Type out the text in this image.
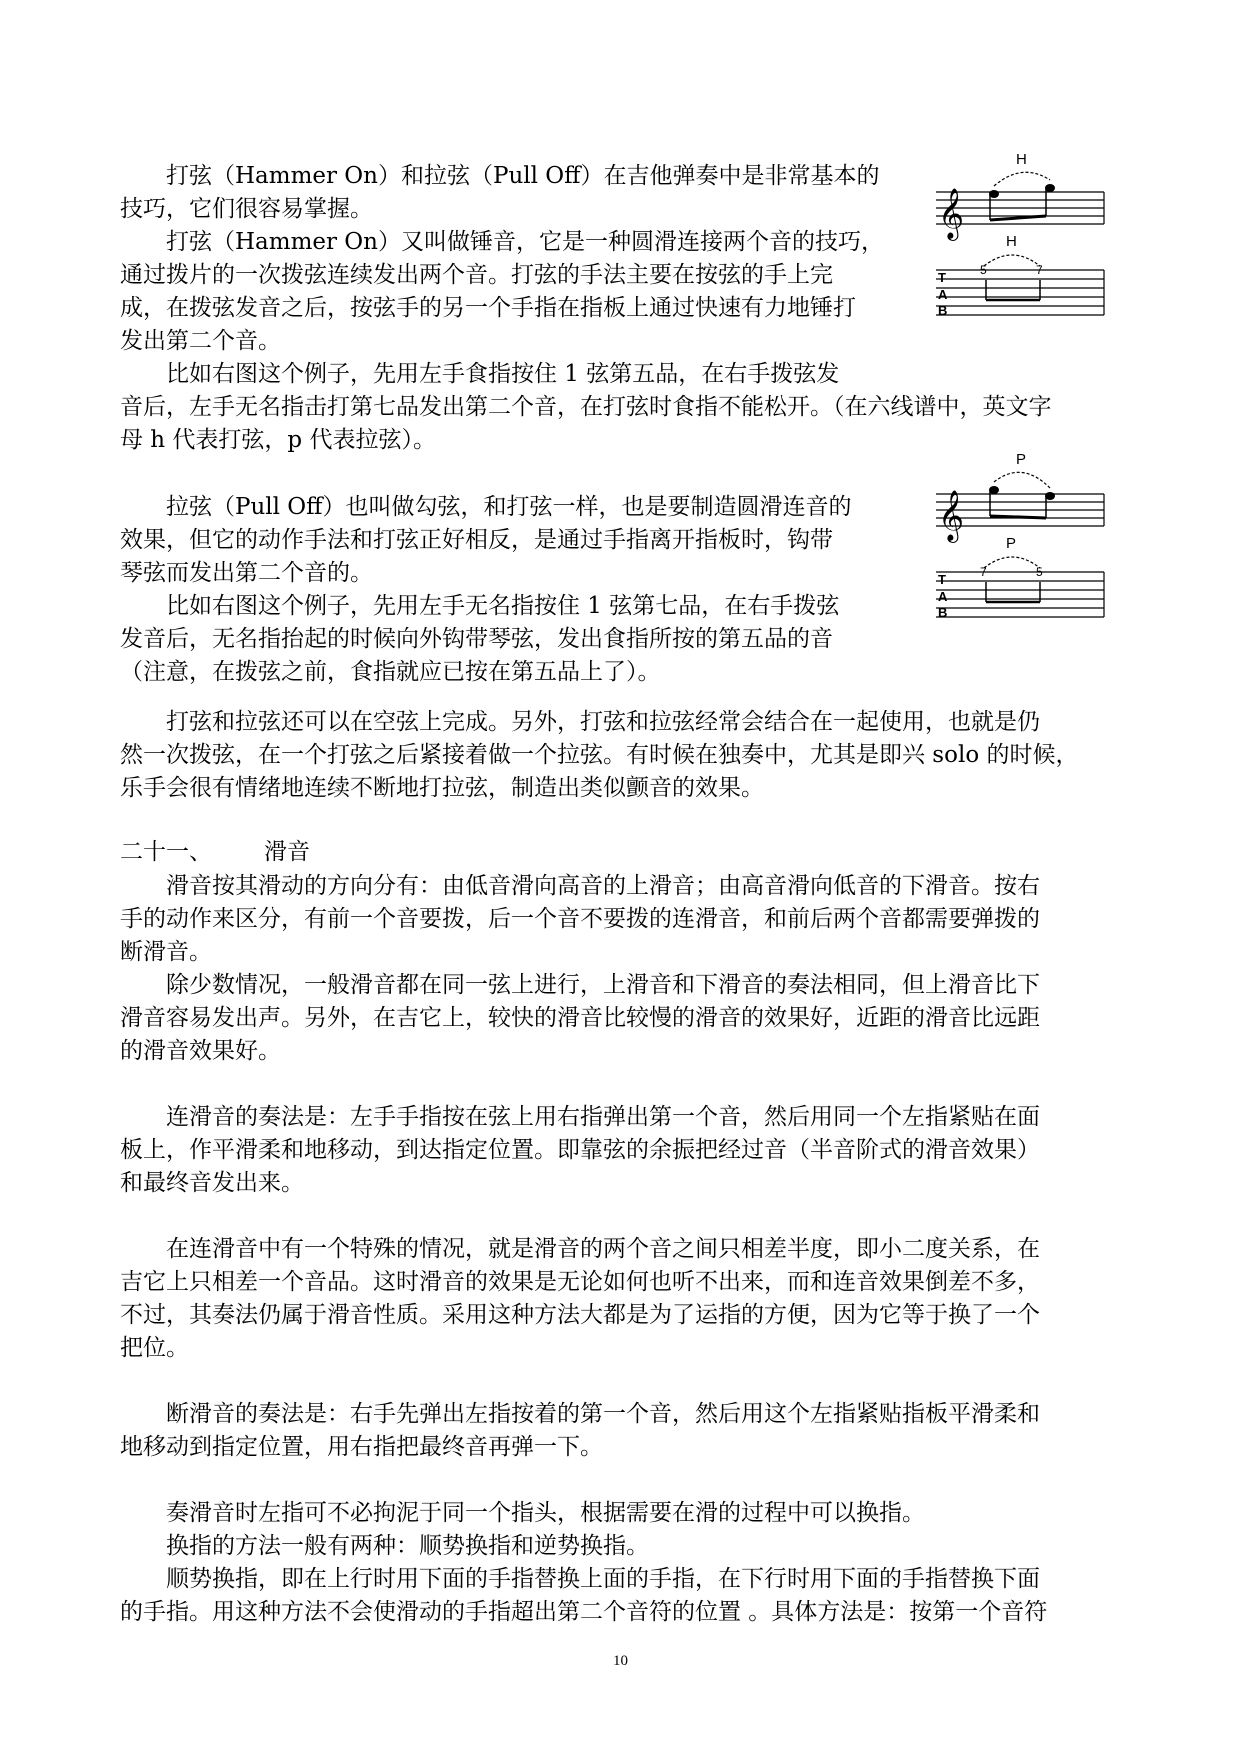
　　打弦（Hammer On）和拉弦（Pull Off）在吉他弹奏中是非常基本的
技巧，它们很容易掌握。
　　打弦（Hammer On）又叫做锤音，它是一种圆滑连接两个音的技巧，
通过拨片的一次拨弦连续发出两个音。打弦的手法主要在按弦的手上完
成，在拨弦发音之后，按弦手的另一个手指在指板上通过快速有力地锤打
发出第二个音。
　　比如右图这个例子，先用左手食指按住 1 弦第五品，在右手拨弦发
音后，左手无名指击打第七品发出第二个音，在打弦时食指不能松开。（在六线谱中，英文字
母 h 代表打弦，p 代表拉弦）。
　　拉弦（Pull Off）也叫做勾弦，和打弦一样，也是要制造圆滑连音的
效果，但它的动作手法和打弦正好相反，是通过手指离开指板时，钩带
琴弦而发出第二个音的。
　　比如右图这个例子，先用左手无名指按住 1 弦第七品，在右手拨弦
发音后，无名指抬起的时候向外钩带琴弦，发出食指所按的第五品的音
（注意，在拨弦之前，食指就应已按在第五品上了）。
　　打弦和拉弦还可以在空弦上完成。另外，打弦和拉弦经常会结合在一起使用，也就是仍
然一次拨弦，在一个打弦之后紧接着做一个拉弦。有时候在独奏中，尤其是即兴 solo 的时候，
乐手会很有情绪地连续不断地打拉弦，制造出类似颤音的效果。
　　滑音按其滑动的方向分有：由低音滑向高音的上滑音；由高音滑向低音的下滑音。按右
手的动作来区分，有前一个音要拨，后一个音不要拨的连滑音，和前后两个音都需要弹拨的
断滑音。
　　除少数情况，一般滑音都在同一弦上进行，上滑音和下滑音的奏法相同，但上滑音比下
滑音容易发出声。另外，在吉它上，较快的滑音比较慢的滑音的效果好，近距的滑音比远距
的滑音效果好。
　　连滑音的奏法是：左手手指按在弦上用右指弹出第一个音，然后用同一个左指紧贴在面
板上，作平滑柔和地移动，到达指定位置。即靠弦的余振把经过音（半音阶式的滑音效果）
和最终音发出来。
　　在连滑音中有一个特殊的情况，就是滑音的两个音之间只相差半度，即小二度关系，在
吉它上只相差一个音品。这时滑音的效果是无论如何也听不出来，而和连音效果倒差不多，
不过，其奏法仍属于滑音性质。采用这种方法大都是为了运指的方便，因为它等于换了一个
把位。
　　断滑音的奏法是：右手先弹出左指按着的第一个音，然后用这个左指紧贴指板平滑柔和
地移动到指定位置，用右指把最终音再弹一下。
　　奏滑音时左指可不必拘泥于同一个指头，根据需要在滑的过程中可以换指。
　　换指的方法一般有两种：顺势换指和逆势换指。
　　顺势换指，即在上行时用下面的手指替换上面的手指，在下行时用下面的手指替换下面
的手指。用这种方法不会使滑动的手指超出第二个音符的位置 。具体方法是：按第一个音符
二十一、 滑音
𝄞
H
T
A
B
5	7
H
𝄞
P
T
A
B
7	5
P
10
